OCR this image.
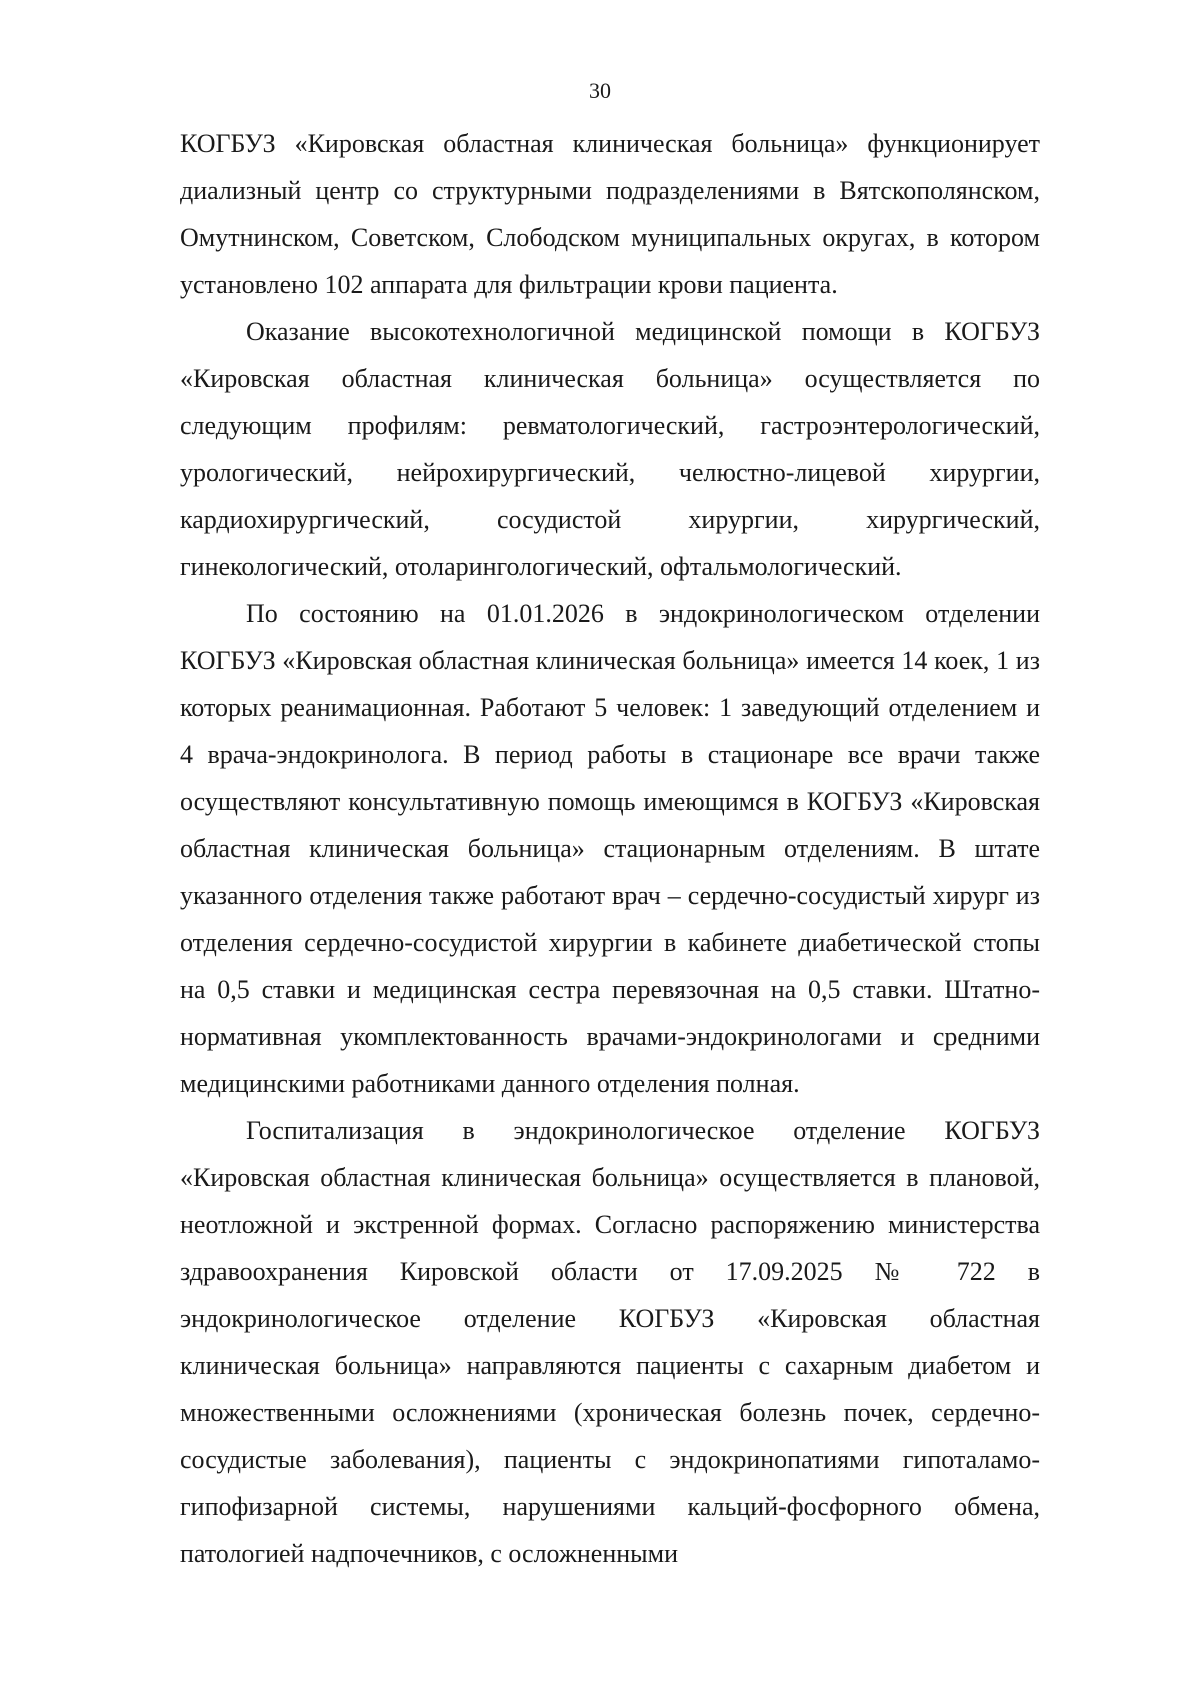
30

КОГБУЗ «Кировская областная клиническая больница» функционирует диализный центр со структурными подразделениями в Вятскополянском, Омутнинском, Советском, Слободском муниципальных округах, в котором установлено 102 аппарата для фильтрации крови пациента.

Оказание высокотехнологичной медицинской помощи в КОГБУЗ «Кировская областная клиническая больница» осуществляется по следующим профилям: ревматологический, гастроэнтерологический, урологический, нейрохирургический, челюстно-лицевой хирургии, кардиохирургический, сосудистой хирургии, хирургический, гинекологический, отоларингологический, офтальмологический.

По состоянию на 01.01.2026 в эндокринологическом отделении КОГБУЗ «Кировская областная клиническая больница» имеется 14 коек, 1 из которых реанимационная. Работают 5 человек: 1 заведующий отделением и 4 врача-эндокринолога. В период работы в стационаре все врачи также осуществляют консультативную помощь имеющимся в КОГБУЗ «Кировская областная клиническая больница» стационарным отделениям. В штате указанного отделения также работают врач – сердечно-сосудистый хирург из отделения сердечно-сосудистой хирургии в кабинете диабетической стопы на 0,5 ставки и медицинская сестра перевязочная на 0,5 ставки. Штатно-нормативная укомплектованность врачами-эндокринологами и средними медицинскими работниками данного отделения полная.

Госпитализация в эндокринологическое отделение КОГБУЗ «Кировская областная клиническая больница» осуществляется в плановой, неотложной и экстренной формах. Согласно распоряжению министерства здравоохранения Кировской области от 17.09.2025 № 722 в эндокринологическое отделение КОГБУЗ «Кировская областная клиническая больница» направляются пациенты с сахарным диабетом и множественными осложнениями (хроническая болезнь почек, сердечно-сосудистые заболевания), пациенты с эндокринопатиями гипоталамо-гипофизарной системы, нарушениями кальций-фосфорного обмена, патологией надпочечников, с осложненными
